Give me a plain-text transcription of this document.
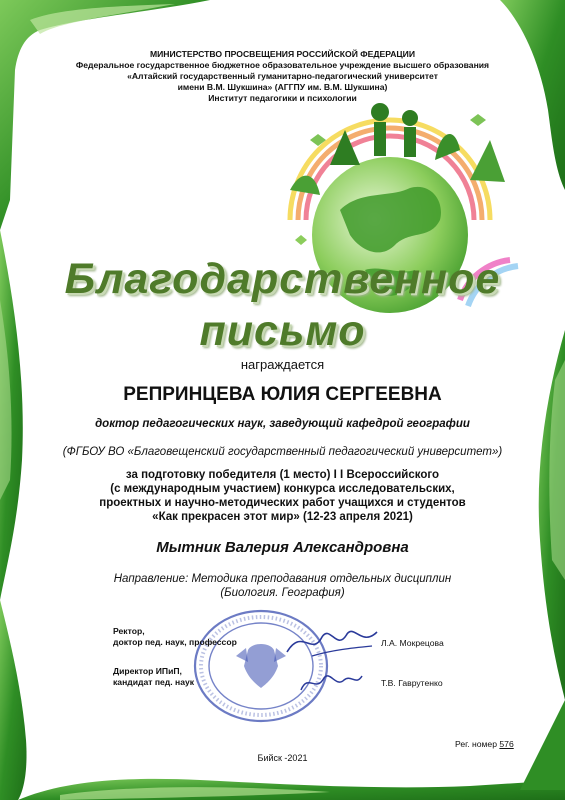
МИНИСТЕРСТВО ПРОСВЕЩЕНИЯ РОССИЙСКОЙ ФЕДЕРАЦИИ
Федеральное государственное бюджетное образовательное учреждение высшего образования
«Алтайский государственный гуманитарно-педагогический университет
имени В.М. Шукшина» (АГГПУ им. В.М. Шукшина)
Институт педагогики и психологии
Благодарственное
письмо
награждается
РЕПРИНЦЕВА ЮЛИЯ СЕРГЕЕВНА
доктор педагогических наук, заведующий кафедрой географии
(ФГБОУ ВО «Благовещенский государственный педагогический университет»)
за подготовку победителя (1 место) I I Всероссийского
(с международным участием) конкурса исследовательских,
проектных и научно-методических работ учащихся и студентов
«Как прекрасен этот мир» (12-23 апреля 2021)
Мытник Валерия Александровна
Направление: Методика преподавания отдельных дисциплин
(Биология. География)
Ректор,
доктор пед. наук, профессор	Л.А. Мокрецова
Директор ИПиП,
кандидат пед. наук	Т.В. Гаврутенко
Рег. номер 576
Бийск -2021
